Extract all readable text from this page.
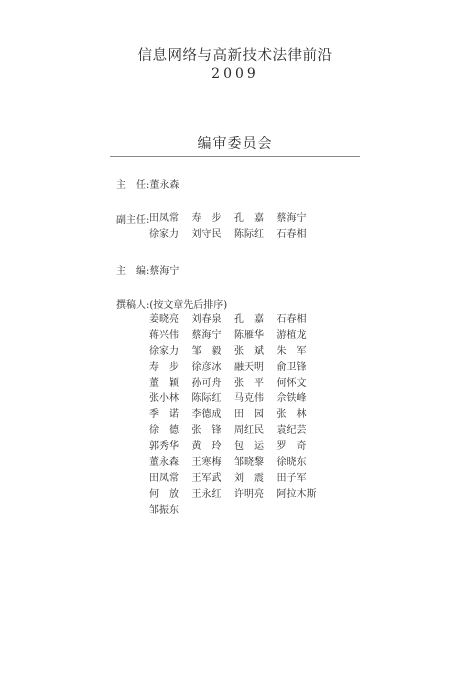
信息网络与高新技术法律前沿
2009
编审委员会
主　任:董永森
副主任: 田凤常	寿　步	孔　嘉	蔡海宁
徐家力	刘守民	陈际红	石春相
主　编:蔡海宁
撰稿人:(按文章先后排序)
姜晓亮	刘春泉	孔　嘉	石春相
蒋兴伟	蔡海宁	陈雁华	游植龙
徐家力	邹　毅	张　斌	朱　军
寿　步	徐彦冰	融天明	俞卫锋
董　颖	孙可舟	张　平	何怀文
张小林	陈际红	马克伟	佘铁峰
季　诺	李德成	田　园	张　林
徐　德	张　锋	周红民	袁纪芸
郭秀华	黄　玲	包　运	罗　奇
董永森	王寒梅	邹晓黎	徐晓东
田凤常	王军武	刘　震	田子军
何　放	王永红	许明亮	阿拉木斯
邹振东
